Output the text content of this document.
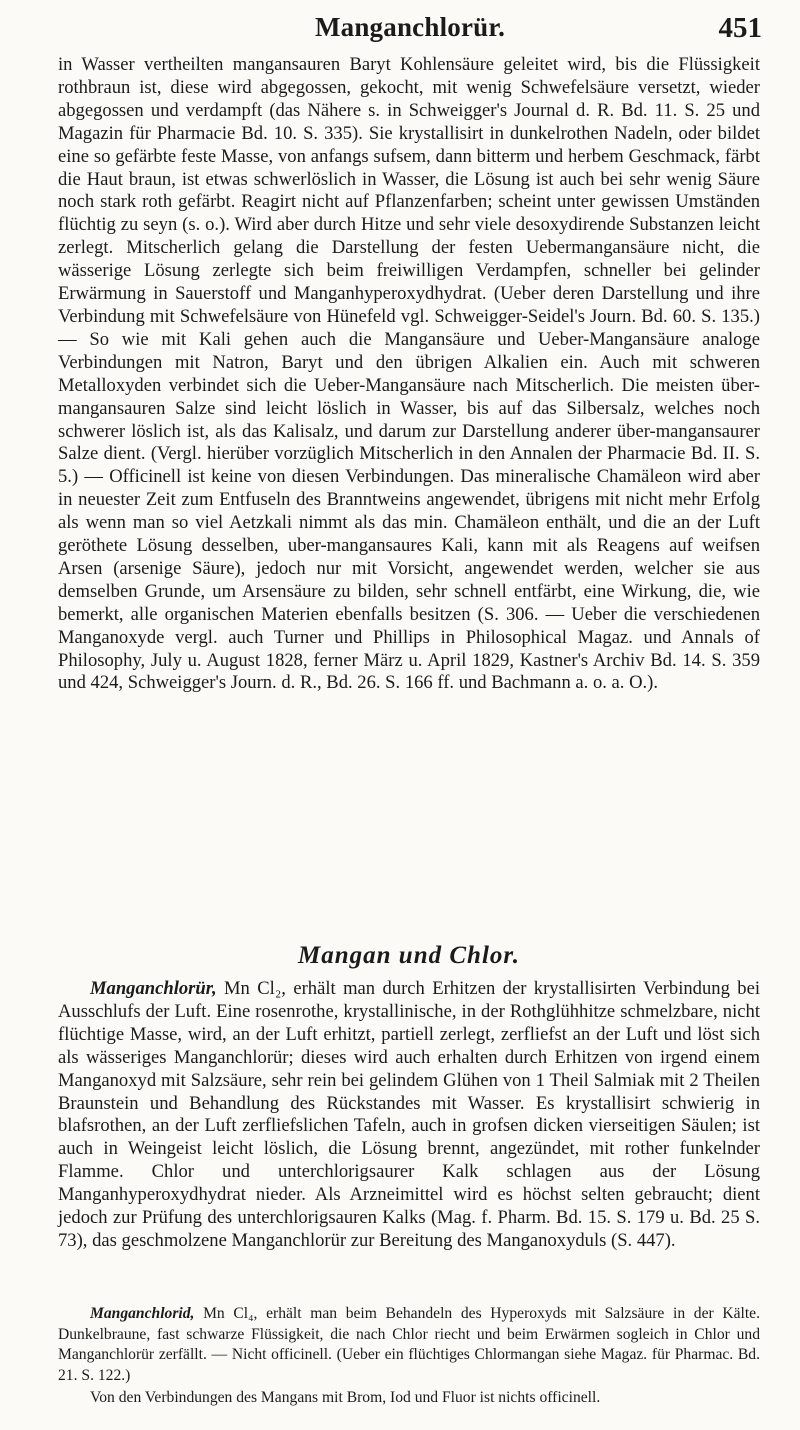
Manganchlorür.	451

in Wasser vertheilten mangansauren Baryt Kohlensäure geleitet wird, bis die Flüssigkeit rothbraun ist, diese wird abgegossen, gekocht, mit wenig Schwefelsäure versetzt, wieder abgegossen und verdampft (das Nähere s. in Schweigger's Journal d. R. Bd. 11. S. 25 und Magazin für Pharmacie Bd. 10. S. 335). Sie krystallisirt in dunkelrothen Nadeln, oder bildet eine so gefärbte feste Masse, von anfangs sufsem, dann bitterm und herbem Geschmack, färbt die Haut braun, ist etwas schwerlöslich in Wasser, die Lösung ist auch bei sehr wenig Säure noch stark roth gefärbt. Reagirt nicht auf Pflanzenfarben; scheint unter gewissen Umständen flüchtig zu seyn (s. o.). Wird aber durch Hitze und sehr viele desoxydirende Substanzen leicht zerlegt. Mitscherlich gelang die Darstellung der festen Uebermangansäure nicht, die wässerige Lösung zerlegte sich beim freiwilligen Verdampfen, schneller bei gelinder Erwärmung in Sauerstoff und Manganhyperoxydhydrat. (Ueber deren Darstellung und ihre Verbindung mit Schwefelsäure von Hünefeld vgl. Schweigger-Seidel's Journ. Bd. 60. S. 135.) — So wie mit Kali gehen auch die Mangansäure und Ueber-Mangansäure analoge Verbindungen mit Natron, Baryt und den übrigen Alkalien ein. Auch mit schweren Metalloxyden verbindet sich die Ueber-Mangansäure nach Mitscherlich. Die meisten über-mangansauren Salze sind leicht löslich in Wasser, bis auf das Silbersalz, welches noch schwerer löslich ist, als das Kalisalz, und darum zur Darstellung anderer über-mangansaurer Salze dient. (Vergl. hierüber vorzüglich Mitscherlich in den Annalen der Pharmacie Bd. II. S. 5.) — Officinell ist keine von diesen Verbindungen. Das mineralische Chamäleon wird aber in neuester Zeit zum Entfuseln des Branntweins angewendet, übrigens mit nicht mehr Erfolg als wenn man so viel Aetzkali nimmt als das min. Chamäleon enthält, und die an der Luft geröthete Lösung desselben, uber-mangansaures Kali, kann mit als Reagens auf weifsen Arsen (arsenige Säure), jedoch nur mit Vorsicht, angewendet werden, welcher sie aus demselben Grunde, um Arsensäure zu bilden, sehr schnell entfärbt, eine Wirkung, die, wie bemerkt, alle organischen Materien ebenfalls besitzen (S. 306. — Ueber die verschiedenen Manganoxyde vergl. auch Turner und Phillips in Philosophical Magaz. und Annals of Philosophy, July u. August 1828, ferner März u. April 1829, Kastner's Archiv Bd. 14. S. 359 und 424, Schweigger's Journ. d. R., Bd. 26. S. 166 ff. und Bachmann a. o. a. O.).

Mangan und Chlor.

Manganchlorür, Mn Cl₂, erhält man durch Erhitzen der krystallisirten Verbindung bei Ausschlufs der Luft. Eine rosenrothe, krystallinische, in der Rothglühhitze schmelzbare, nicht flüchtige Masse, wird, an der Luft erhitzt, partiell zerlegt, zerfliefst an der Luft und löst sich als wässeriges Manganchlorür; dieses wird auch erhalten durch Erhitzen von irgend einem Manganoxyd mit Salzsäure, sehr rein bei gelindem Glühen von 1 Theil Salmiak mit 2 Theilen Braunstein und Behandlung des Rückstandes mit Wasser. Es krystallisirt schwierig in blafsrothen, an der Luft zerfliefslichen Tafeln, auch in grofsen dicken vierseitigen Säulen; ist auch in Weingeist leicht löslich, die Lösung brennt, angezündet, mit rother funkelnder Flamme. Chlor und unterchlorigsaurer Kalk schlagen aus der Lösung Manganhyperoxydhydrat nieder. Als Arzneimittel wird es höchst selten gebraucht; dient jedoch zur Prüfung des unterchlorigsauren Kalks (Mag. f. Pharm. Bd. 15. S. 179 u. Bd. 25 S. 73), das geschmolzene Manganchlorür zur Bereitung des Manganoxyduls (S. 447).

Manganchlorid, Mn Cl₄, erhält man beim Behandeln des Hyperoxyds mit Salzsäure in der Kälte. Dunkelbraune, fast schwarze Flüssigkeit, die nach Chlor riecht und beim Erwärmen sogleich in Chlor und Manganchlorür zerfällt. — Nicht officinell. (Ueber ein flüchtiges Chlormangan siehe Magaz. für Pharmac. Bd. 21. S. 122.)

Von den Verbindungen des Mangans mit Brom, Iod und Fluor ist nichts officinell.
